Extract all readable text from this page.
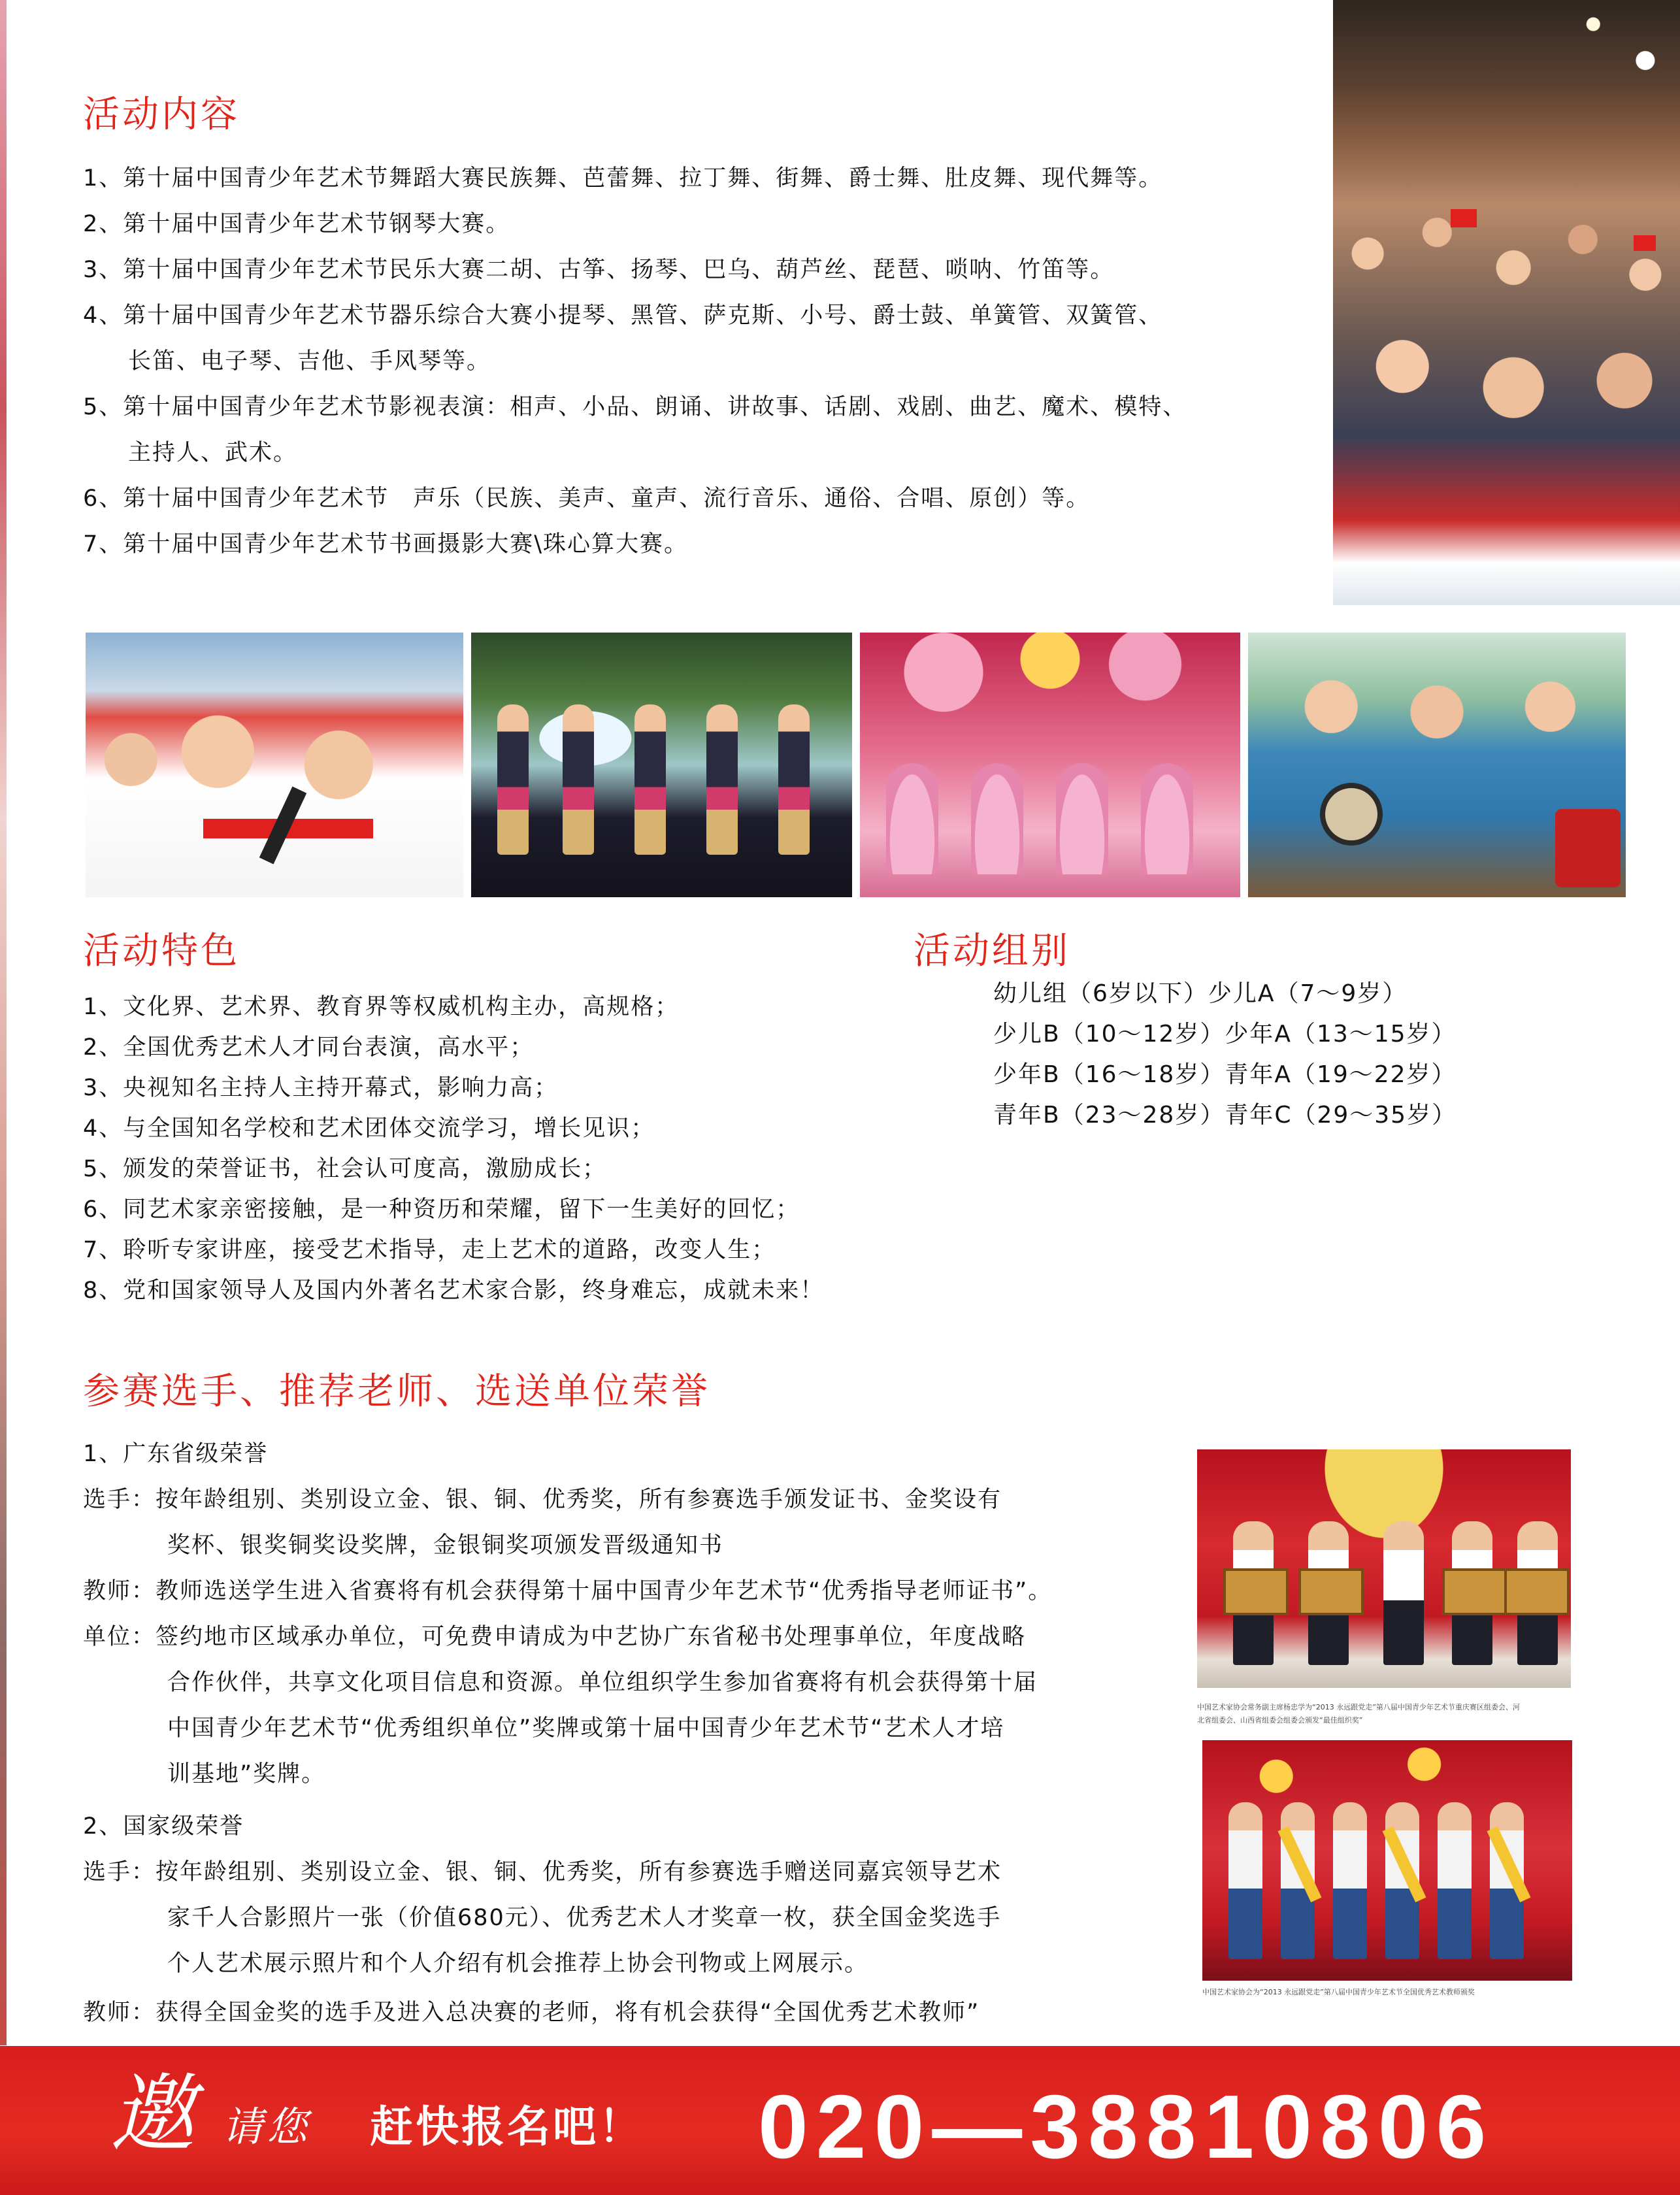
活动内容
1、第十届中国青少年艺术节舞蹈大赛民族舞、芭蕾舞、拉丁舞、街舞、爵士舞、肚皮舞、现代舞等。
2、第十届中国青少年艺术节钢琴大赛。
3、第十届中国青少年艺术节民乐大赛二胡、古筝、扬琴、巴乌、葫芦丝、琵琶、唢呐、竹笛等。
4、第十届中国青少年艺术节器乐综合大赛小提琴、黑管、萨克斯、小号、爵士鼓、单簧管、双簧管、
长笛、电子琴、吉他、手风琴等。
5、第十届中国青少年艺术节影视表演：相声、小品、朗诵、讲故事、话剧、戏剧、曲艺、魔术、模特、
主持人、武术。
6、第十届中国青少年艺术节　声乐（民族、美声、童声、流行音乐、通俗、合唱、原创）等。
7、第十届中国青少年艺术节书画摄影大赛\珠心算大赛。
活动特色
1、文化界、艺术界、教育界等权威机构主办，高规格；
2、全国优秀艺术人才同台表演，高水平；
3、央视知名主持人主持开幕式，影响力高；
4、与全国知名学校和艺术团体交流学习，增长见识；
5、颁发的荣誉证书，社会认可度高，激励成长；
6、同艺术家亲密接触，是一种资历和荣耀，留下一生美好的回忆；
7、聆听专家讲座，接受艺术指导，走上艺术的道路，改变人生；
8、党和国家领导人及国内外著名艺术家合影，终身难忘，成就未来！
活动组别
幼儿组（6岁以下）少儿A（7～9岁）
少儿B（10～12岁）少年A（13～15岁）
少年B（16～18岁）青年A（19～22岁）
青年B（23～28岁）青年C（29～35岁）
参赛选手、推荐老师、选送单位荣誉
1、广东省级荣誉
选手：按年龄组别、类别设立金、银、铜、优秀奖，所有参赛选手颁发证书、金奖设有
奖杯、银奖铜奖设奖牌，金银铜奖项颁发晋级通知书
教师：教师选送学生进入省赛将有机会获得第十届中国青少年艺术节“优秀指导老师证书”。
单位：签约地市区域承办单位，可免费申请成为中艺协广东省秘书处理事单位，年度战略
合作伙伴，共享文化项目信息和资源。单位组织学生参加省赛将有机会获得第十届
中国青少年艺术节“优秀组织单位”奖牌或第十届中国青少年艺术节“艺术人才培
训基地”奖牌。
2、国家级荣誉
选手：按年龄组别、类别设立金、银、铜、优秀奖，所有参赛选手赠送同嘉宾领导艺术
家千人合影照片一张（价值680元）、优秀艺术人才奖章一枚，获全国金奖选手
个人艺术展示照片和个人介绍有机会推荐上协会刊物或上网展示。
教师：获得全国金奖的选手及进入总决赛的老师，将有机会获得“全国优秀艺术教师”
中国艺术家协会常务副主席杨忠学为“2013 永远跟党走”第八届中国青少年艺术节重庆赛区组委会、河
北省组委会、山西省组委会组委会颁发“最佳组织奖”
中国艺术家协会为“2013 永远跟党走”第八届中国青少年艺术节全国优秀艺术教师颁奖
邀 请您 赶快报名吧！ 020—38810806
